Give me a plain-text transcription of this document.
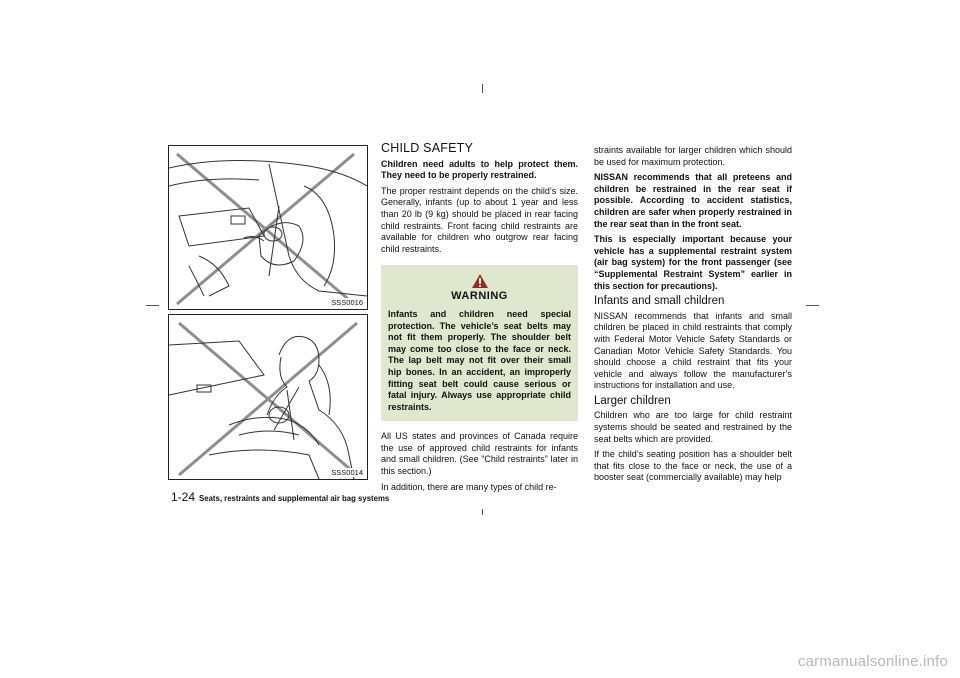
SSS0016
SSS0014
CHILD SAFETY

Children need adults to help protect them. They need to be properly restrained.

The proper restraint depends on the child’s size. Generally, infants (up to about 1 year and less than 20 lb (9 kg) should be placed in rear facing child restraints. Front facing child restraints are available for children who outgrow rear facing child restraints.

WARNING
Infants and children need special protection. The vehicle’s seat belts may not fit them properly. The shoulder belt may come too close to the face or neck. The lap belt may not fit over their small hip bones. In an accident, an improperly fitting seat belt could cause serious or fatal injury. Always use appropriate child restraints.

All US states and provinces of Canada require the use of approved child restraints for infants and small children. (See “Child restraints” later in this section.)

In addition, there are many types of child re-

straints available for larger children which should be used for maximum protection.

NISSAN recommends that all preteens and children be restrained in the rear seat if possible. According to accident statistics, children are safer when properly restrained in the rear seat than in the front seat.

This is especially important because your vehicle has a supplemental restraint system (air bag system) for the front passenger (see “Supplemental Restraint System” earlier in this section for precautions).

Infants and small children

NISSAN recommends that infants and small children be placed in child restraints that comply with Federal Motor Vehicle Safety Standards or Canadian Motor Vehicle Safety Standards. You should choose a child restraint that fits your vehicle and always follow the manufacturer’s instructions for installation and use.

Larger children

Children who are too large for child restraint systems should be seated and restrained by the seat belts which are provided.

If the child’s seating position has a shoulder belt that fits close to the face or neck, the use of a booster seat (commercially available) may help

1-24 Seats, restraints and supplemental air bag systems
carmanualsonline.info
